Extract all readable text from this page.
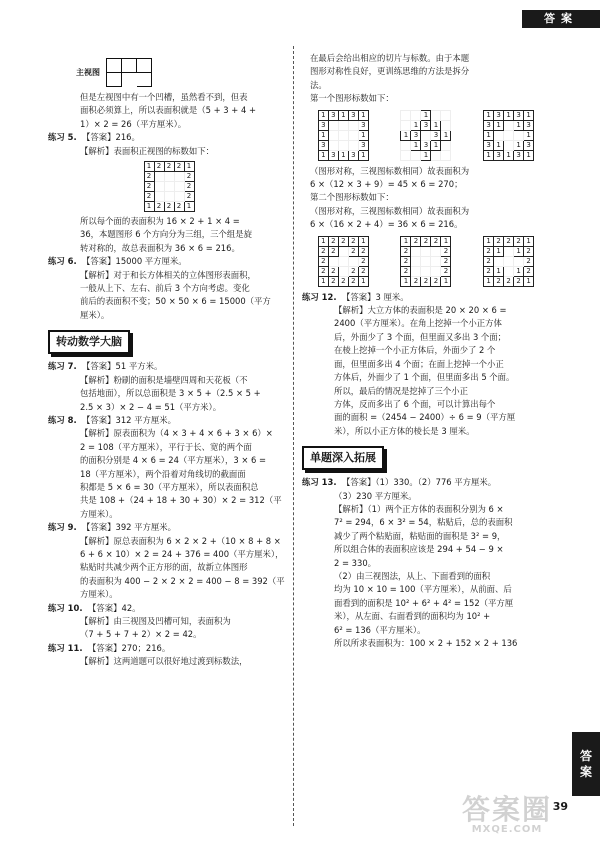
答案
主视图

但是左视图中有一个凹槽，虽然看不到，但表

面积必须算上，所以表面积就是（5 + 3 + 4 +

1）× 2 = 26（平方厘米）。

练习 5. 【答案】216。

【解析】表面积正视图的标数如下：

1	2	2	2	1
2				2
2				2
2				2
1	2	2	2	1

所以每个面的表面积为 16 × 2 + 1 × 4 =

36，本题图形 6 个方向分为三组，三个组是旋

转对称的，故总表面积为 36 × 6 = 216。

练习 6. 【答案】15000 平方厘米。

【解析】对于和长方体相关的立体图形表面积，

一般从上下、左右、前后 3 个方向考虑。变化

前后的表面积不变；50 × 50 × 6 = 15000（平方

厘米）。

转动数学大脑

练习 7. 【答案】51 平方米。

【解析】粉刷的面积是墙壁四周和天花板（不

包括地面），所以总面积是 3 × 5 +（2.5 × 5 +

2.5 × 3）× 2 − 4 = 51（平方米）。

练习 8. 【答案】312 平方厘米。

【解析】原表面积为（4 × 3 + 4 × 6 + 3 × 6）×

2 = 108（平方厘米），平行于长、宽的两个面

的面积分别是 4 × 6 = 24（平方厘米），3 × 6 =

18（平方厘米），两个沿着对角线切的截面面

积都是 5 × 6 = 30（平方厘米），所以表面积总

共是 108 +（24 + 18 + 30 + 30）× 2 = 312（平

方厘米）。

练习 9. 【答案】392 平方厘米。

【解析】原总表面积为 6 × 2 × 2 +（10 × 8 + 8 ×

6 + 6 × 10）× 2 = 24 + 376 = 400（平方厘米），

粘贴时共减少两个正方形的面，故新立体图形

的表面积为 400 − 2 × 2 × 2 = 400 − 8 = 392（平

方厘米）。

练习 10. 【答案】42。

【解析】由三视图及凹槽可知，表面积为

（7 + 5 + 7 + 2）× 2 = 42。

练习 11. 【答案】270；216。

【解析】这两道题可以很好地过渡到标数法，

在最后会给出相应的切片与标数。由于本题

图形对称性良好，更训练思维的方法是拆分

法。

第一个图形标数如下：

1	3	1	3	1
3				3
1				1
3				3
1	3	1	3	1
		1		
	1	3	1	
1	3		3	1
	1	3	1	
		1		
1	3	1	3	1
3	1		1	3
1				1
3	1		1	3
1	3	1	3	1

（图形对称，三视图标数相同）故表面积为

6 ×（12 × 3 + 9）= 45 × 6 = 270；

第二个图形标数如下：

（图形对称，三视图标数相同）故表面积为

6 ×（16 × 2 + 4）= 36 × 6 = 216。

1	2	2	2	1
2	2		2	2
2				2
2	2		2	2
1	2	2	2	1
1	2	2	2	1
2				2
2				2
2				2
1	2	2	2	1
1	2	2	2	1
2	1		1	2
2				2
2	1		1	2
1	2	2	2	1

练习 12. 【答案】3 厘米。

【解析】大立方体的表面积是 20 × 20 × 6 =

2400（平方厘米）。在角上挖掉一个小正方体

后，外面少了 3 个面，但里面又多出 3 个面；

在棱上挖掉一个小正方体后，外面少了 2 个

面，但里面多出 4 个面；在面上挖掉一个小正

方体后，外面少了 1 个面，但里面多出 5 个面。

所以，最后的情况是挖掉了三个小正

方体，反而多出了 6 个面，可以计算出每个

面的面积 =（2454 − 2400）÷ 6 = 9（平方厘

米），所以小正方体的棱长是 3 厘米。

单题深入拓展

练习 13. 【答案】（1）330。（2）776 平方厘米。

（3）230 平方厘米。

【解析】（1）两个正方体的表面积分别为 6 ×

7² = 294，6 × 3² = 54，粘贴后，总的表面积

减少了两个粘贴面，粘贴面的面积是 3² = 9，

所以组合体的表面积应该是 294 + 54 − 9 ×

2 = 330。

（2）由三视图法，从上、下面看到的面积

均为 10 × 10 = 100（平方厘米），从前面、后

面看到的面积是 10² + 6² + 4² = 152（平方厘

米），从左面、右面看到的面积均为 10² +

6² = 136（平方厘米）。

所以所求表面积为：100 × 2 + 152 × 2 + 136

答
案
39
答案圈
MXQE.COM
